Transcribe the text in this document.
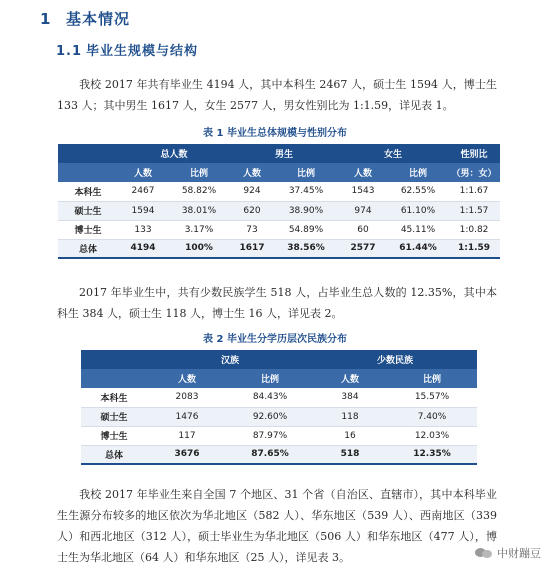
1 基本情况
1.1 毕业生规模与结构
我校 2017 年共有毕业生 4194 人，其中本科生 2467 人，硕士生 1594 人，博士生 133 人；其中男生 1617 人，女生 2577 人，男女性别比为 1:1.59，详见表 1。
表 1 毕业生总体规模与性别分布
	总人数		男生		女生		性别比
	人数	比例	人数	比例	人数	比例	（男：女）
本科生	2467	58.82%	924	37.45%	1543	62.55%	1:1.67
硕士生	1594	38.01%	620	38.90%	974	61.10%	1:1.57
博士生	133	3.17%	73	54.89%	60	45.11%	1:0.82
总体	4194	100%	1617	38.56%	2577	61.44%	1:1.59
2017 年毕业生中，共有少数民族学生 518 人，占毕业生总人数的 12.35%，其中本科生 384 人，硕士生 118 人，博士生 16 人，详见表 2。
表 2 毕业生分学历层次民族分布
	汉族		少数民族	
	人数	比例	人数	比例
本科生	2083	84.43%	384	15.57%
硕士生	1476	92.60%	118	7.40%
博士生	117	87.97%	16	12.03%
总体	3676	87.65%	518	12.35%
我校 2017 年毕业生来自全国 7 个地区、31 个省（自治区、直辖市），其中本科毕业生生源分布较多的地区依次为华北地区（582 人）、华东地区（539 人）、西南地区（339 人）和西北地区（312 人），硕士毕业生为华北地区（506 人）和华东地区（477 人），博士生为华北地区（64 人）和华东地区（25 人），详见表 3。	中财蹦豆
